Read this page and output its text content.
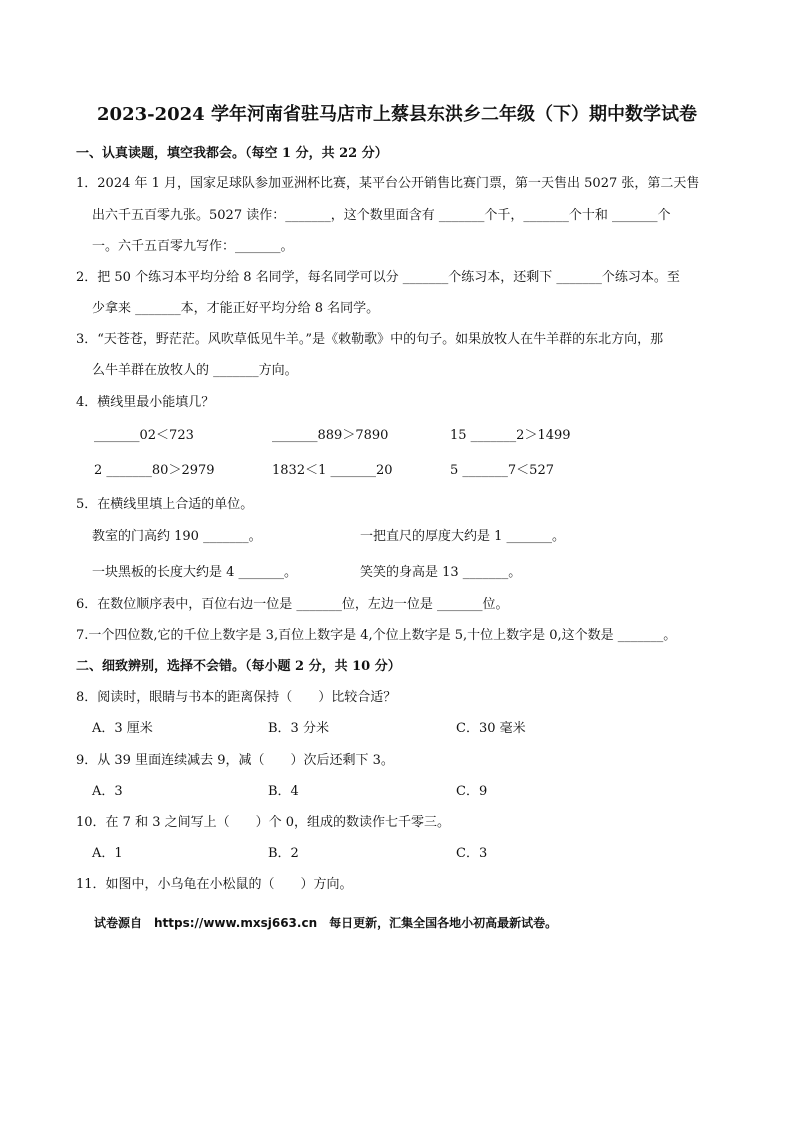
2023-2024 学年河南省驻马店市上蔡县东洪乡二年级（下）期中数学试卷
一、认真读题，填空我都会。（每空 1 分，共 22 分）
1．2024 年 1 月，国家足球队参加亚洲杯比赛，某平台公开销售比赛门票，第一天售出 5027 张，第二天售
出六千五百零九张。5027 读作：_______，这个数里面含有 _______个千，_______个十和 _______个
一。六千五百零九写作：_______。
2．把 50 个练习本平均分给 8 名同学，每名同学可以分 _______个练习本，还剩下 _______个练习本。至
少拿来 _______本，才能正好平均分给 8 名同学。
3．“天苍苍，野茫茫。风吹草低见牛羊。”是《敕勒歌》中的句子。如果放牧人在牛羊群的东北方向，那
么牛羊群在放牧人的 _______方向。
4．横线里最小能填几？
_______02＜723	_______889＞7890	15 _______2＞1499
2 _______80＞2979	1832＜1 _______20	5 _______7＜527
5．在横线里填上合适的单位。
教室的门高约 190 _______。	一把直尺的厚度大约是 1 _______。
一块黑板的长度大约是 4 _______。	笑笑的身高是 13 _______。
6．在数位顺序表中，百位右边一位是 _______位，左边一位是 _______位。
7.一个四位数,它的千位上数字是 3,百位上数字是 4,个位上数字是 5,十位上数字是 0,这个数是 _______。
二、细致辨别，选择不会错。（每小题 2 分，共 10 分）
8．阅读时，眼睛与书本的距离保持（　　）比较合适？
A．3 厘米	B．3 分米	C．30 毫米
9．从 39 里面连续减去 9，减（　　）次后还剩下 3。
A．3	B．4	C．9
10．在 7 和 3 之间写上（　　）个 0，组成的数读作七千零三。
A．1	B．2	C．3
11．如图中，小乌龟在小松鼠的（　　）方向。
试卷源自　https://www.mxsj663.cn　每日更新，汇集全国各地小初高最新试卷。
